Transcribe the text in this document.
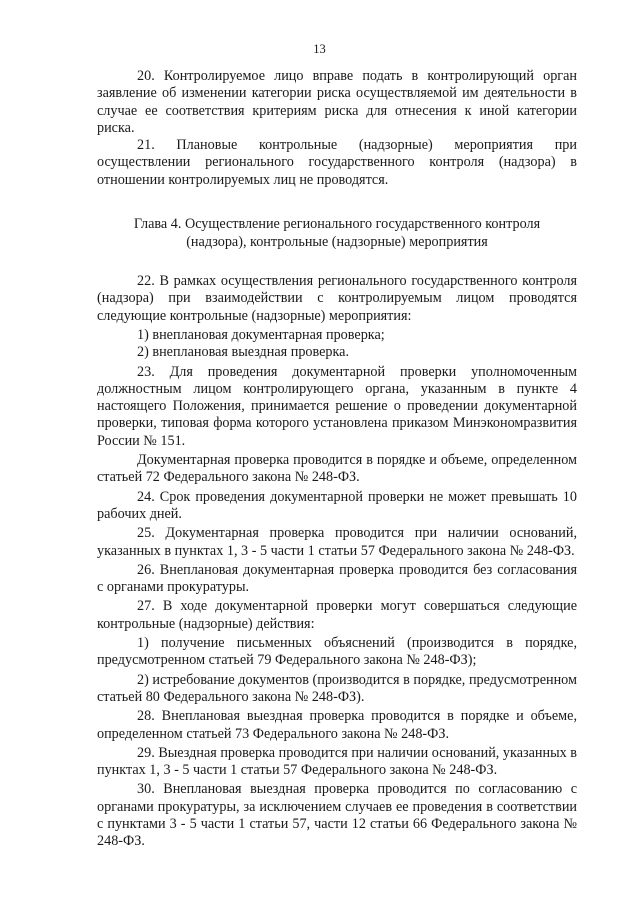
13

20. Контролируемое лицо вправе подать в контролирующий орган заявление об изменении категории риска осуществляемой им деятельности в случае ее соответствия критериям риска для отнесения к иной категории риска.

21. Плановые контрольные (надзорные) мероприятия при осуществлении регионального государственного контроля (надзора) в отношении контролируемых лиц не проводятся.

Глава 4. Осуществление регионального государственного контроля
(надзора), контрольные (надзорные) мероприятия

22. В рамках осуществления регионального государственного контроля (надзора) при взаимодействии с контролируемым лицом проводятся следующие контрольные (надзорные) мероприятия:

1) внеплановая документарная проверка;

2) внеплановая выездная проверка.

23. Для проведения документарной проверки уполномоченным должностным лицом контролирующего органа, указанным в пункте 4 настоящего Положения, принимается решение о проведении документарной проверки, типовая форма которого установлена приказом Минэкономразвития России № 151.

Документарная проверка проводится в порядке и объеме, определенном статьей 72 Федерального закона № 248-ФЗ.

24. Срок проведения документарной проверки не может превышать 10 рабочих дней.

25. Документарная проверка проводится при наличии оснований, указанных в пунктах 1, 3 - 5 части 1 статьи 57 Федерального закона № 248-ФЗ.

26. Внеплановая документарная проверка проводится без согласования с органами прокуратуры.

27. В ходе документарной проверки могут совершаться следующие контрольные (надзорные) действия:

1) получение письменных объяснений (производится в порядке, предусмотренном статьей 79 Федерального закона № 248-ФЗ);

2) истребование документов (производится в порядке, предусмотренном статьей 80 Федерального закона № 248-ФЗ).

28. Внеплановая выездная проверка проводится в порядке и объеме, определенном статьей 73 Федерального закона № 248-ФЗ.

29. Выездная проверка проводится при наличии оснований, указанных в пунктах 1, 3 - 5 части 1 статьи 57 Федерального закона № 248-ФЗ.

30. Внеплановая выездная проверка проводится по согласованию с органами прокуратуры, за исключением случаев ее проведения в соответствии с пунктами 3 - 5 части 1 статьи 57, части 12 статьи 66 Федерального закона № 248-ФЗ.
